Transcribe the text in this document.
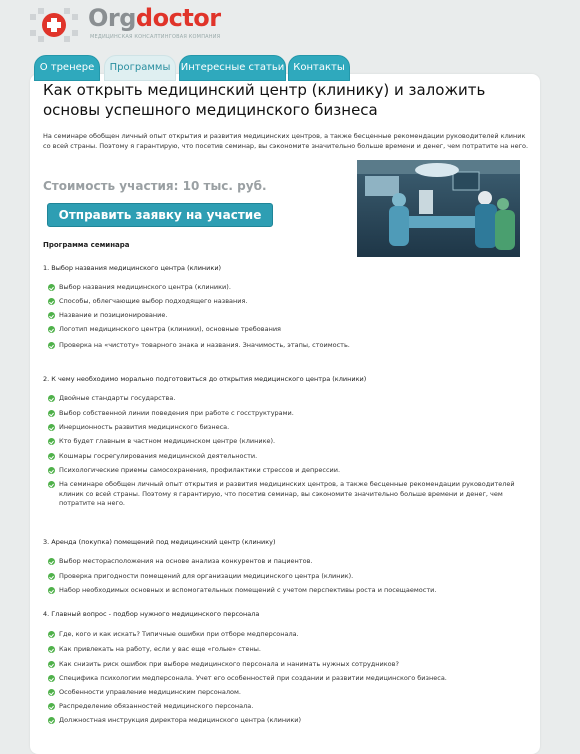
Orgdoctor
МЕДИЦИНСКАЯ КОНСАЛТИНГОВАЯ КОМПАНИЯ
О тренере	Программы	Интересные статьи Контакты
Как открыть медицинский центр (клинику) и заложить основы успешного медицинского бизнеса
На семинаре обобщен личный опыт открытия и развития медицинских центров, а также бесценные рекомендации руководителей клиник со всей страны. Поэтому я гарантирую, что посетив семинар, вы сэкономите значительно больше времени и денег, чем потратите на него.
Стоимость участия: 10 тыс. руб.
Отправить заявку на участие
Программа семинара
1. Выбор названия медицинского центра (клиники)
Выбор названия медицинского центра (клиники).
Способы, облегчающие выбор подходящего названия.
Название и позиционирование.
Логотип медицинского центра (клиники), основные требования
Проверка на «чистоту» товарного знака и названия. Значимость, этапы, стоимость.
2. К чему необходимо морально подготовиться до открытия медицинского центра (клиники)
Двойные стандарты государства.
Выбор собственной линии поведения при работе с госструктурами.
Инерционность развития медицинского бизнеса.
Кто будет главным в частном медицинском центре (клинике).
Кошмары госрегулирования медицинской деятельности.
Психологические приемы самосохранения, профилактики стрессов и депрессии.
На семинаре обобщен личный опыт открытия и развития медицинских центров, а также бесценные рекомендации руководителей клиник со всей страны. Поэтому я гарантирую, что посетив семинар, вы сэкономите значительно больше времени и денег, чем потратите на него.
3. Аренда (покупка) помещений под медицинский центр (клинику)
Выбор месторасположения на основе анализа конкурентов и пациентов.
Проверка пригодности помещений для организации медицинского центра (клиник).
Набор необходимых основных и вспомогательных помещений с учетом перспективы роста и посещаемости.
4. Главный вопрос - подбор нужного медицинского персонала
Где, кого и как искать? Типичные ошибки при отборе медперсонала.
Как привлекать на работу, если у вас еще «голые» стены.
Как снизить риск ошибок при выборе медицинского персонала и нанимать нужных сотрудников?
Специфика психологии медперсонала. Учет его особенностей при создании и развитии медицинского бизнеса.
Особенности управление медицинским персоналом.
Распределение обязанностей медицинского персонала.
Должностная инструкция директора медицинского центра (клиники)
